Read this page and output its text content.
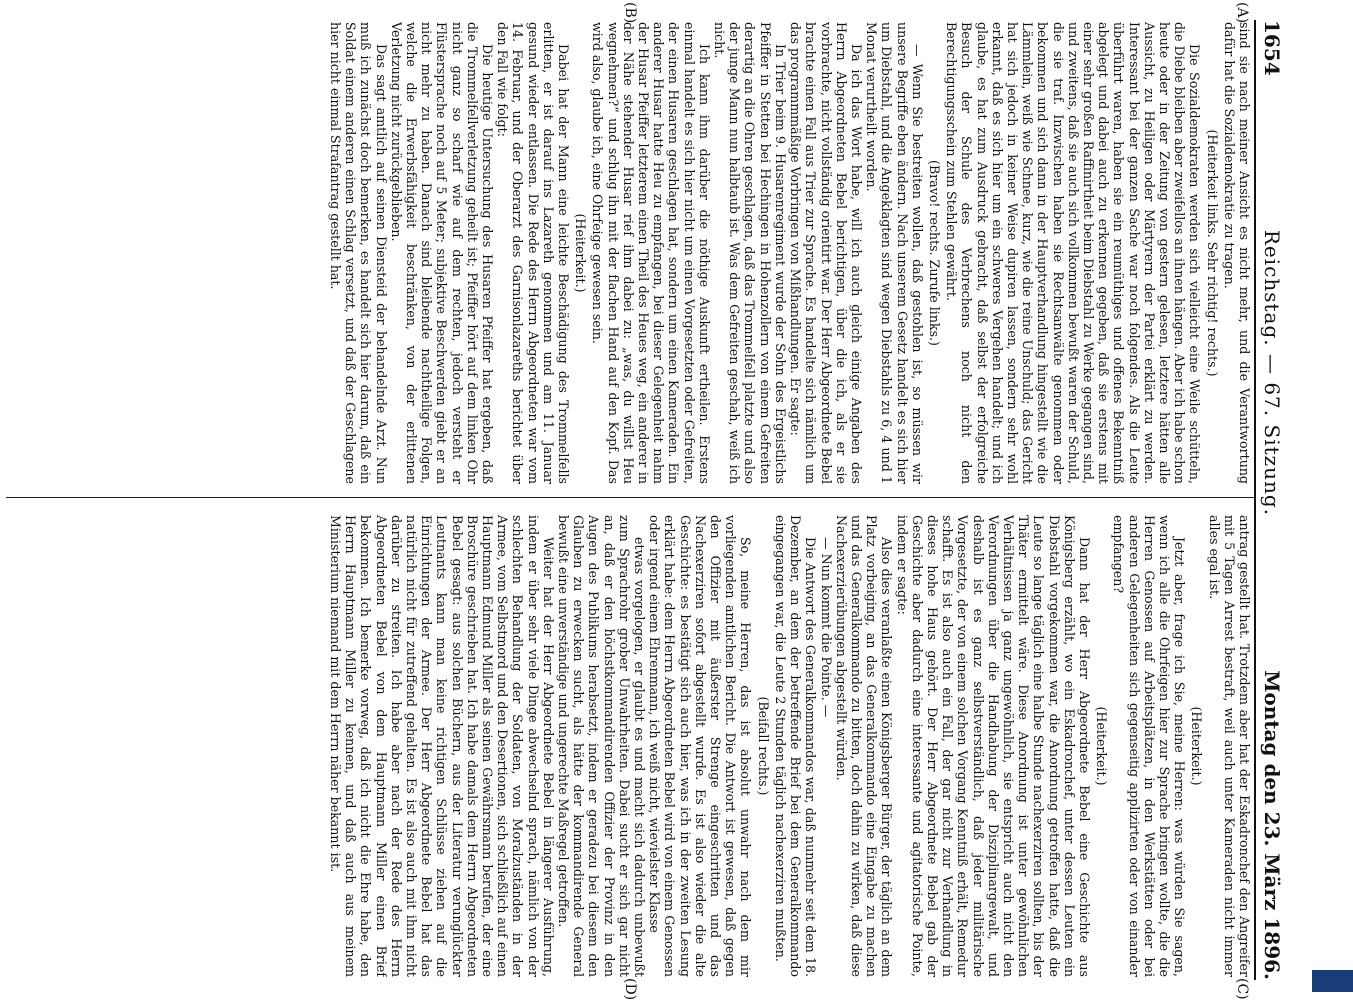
1654
Reichstag. — 67. Sitzung.
Montag den 23. März 1896.
(A)
(B)
(C)
(D)

sind sie nach meiner Ansicht es nicht mehr, und die Verantwortung dafür hat die Sozialdemokratie zu tragen.

(Heiterkeit links. Sehr richtig! rechts.)

Die Sozialdemokraten werden sich vielleicht eine Weile schütteln, die Diebe bleiben aber zweifellos an ihnen hängen. Aber ich habe schon heute oder in der Zeitung von gestern gelesen, letztere hätten alle Aussicht, zu Heiligen oder Märtyrern der Partei erklärt zu werden. Interessant bei der ganzen Sache war noch folgendes. Als die Leute überführt waren, haben sie ein reumüthiges und offenes Bekenntniß abgelegt und dabei auch zu erkennen gegeben, daß sie erstens mit einer sehr großen Raffinirtheit beim Diebstahl zu Werke gegangen sind, und zweitens, daß sie auch sich vollkommen bewußt waren der Schuld, die sie traf. Inzwischen haben sie Rechtsanwälte genommen oder bekommen und sich dann in der Hauptverhandlung hingestellt wie die Lämmlein, weiß wie Schnee, kurz, wie die reine Unschuld; das Gericht hat sich jedoch in keiner Weise dupiren lassen, sondern sehr wohl erkannt, daß es sich hier um ein schweres Vergehen handelt; und ich glaube, es hat zum Ausdruck gebracht, daß selbst der erfolgreiche Besuch der Schule des Verbrechens noch nicht den Berechtigungsschein zum Stehlen gewährt.

(Bravo! rechts. Zurufe links.)

— Wenn Sie bestreiten wollen, daß gestohlen ist, so müssen wir unsere Begriffe eben ändern. Nach unserem Gesetz handelt es sich hier um Diebstahl, und die Angeklagten sind wegen Diebstahls zu 6, 4 und 1 Monat verurtheilt worden.

Da ich das Wort habe, will ich auch gleich einige Angaben des Herrn Abgeordneten Bebel berichtigen, über die ich, als er sie vorbrachte, nicht vollständig orientirt war. Der Herr Abgeordnete Bebel brachte einen Fall aus Trier zur Sprache. Es handelte sich nämlich um das programmmäßige Vorbringen von Mißhandlungen. Er sagte:

In Trier beim 9. Husarenregiment wurde der Sohn des Ergeistlichs Pfeiffer in Stetten bei Hechingen in Hohenzollern von einem Gefreiten derartig an die Ohren geschlagen, daß das Trommelfell platzte und also der junge Mann nun halbtaub ist. Was dem Gefreiten geschah, weiß ich nicht.

Ich kann ihm darüber die nöthige Auskunft ertheilen. Erstens einmal handelt es sich hier nicht um einen Vorgesetzten oder Gefreiten, der einen Husaren geschlagen hat, sondern um einen Kameraden. Ein anderer Husar hatte Heu zu empfangen, bei dieser Gelegenheit nahm der Husar Pfeiffer letzterem einen Theil des Heues weg, ein anderer in der Nähe stehender Husar rief ihm dabei zu: „was, du willst Heu wegnehmen?“ und schlug ihn mit der flachen Hand auf den Kopf. Das wird also, glaube ich, eine Ohrfeige gewesen sein.

(Heiterkeit.)

Dabei hat der Mann eine leichte Beschädigung des Trommelfells erlitten, er ist darauf ins Lazareth genommen und am 11. Januar gesund wieder entlassen. Die Rede des Herrn Abgeordneten war vom 14. Februar, und der Oberarzt des Garnisonlazareths berichtet über den Fall wie folgt:

Die heutige Untersuchung des Husaren Pfeiffer hat ergeben, daß die Trommelfellverletzung geheilt ist; Pfeiffer hört auf dem linken Ohr nicht ganz so scharf wie auf dem rechten, jedoch versteht er Flüstersprache noch auf 5 Meter; subjektive Beschwerden giebt er an nicht mehr zu haben. Danach sind bleibende nachtheilige Folgen, welche die Erwerbsfähigkeit beschränken, von der erlittenen Verletzung nicht zurückgeblieben.

Das sagt amtlich auf seinen Diensteid der behandelnde Arzt. Nun muß ich zunächst doch bemerken, es handelt sich hier darum, daß ein Soldat einem anderen einen Schlag versetzt, und daß der Geschlagene hier nicht einmal Strafantrag gestellt hat.

antrag gestellt hat. Trotzdem aber hat der Eskadronchef den Angreifer mit 5 Tagen Arrest bestraft, weil auch unter Kameraden nicht immer alles egal ist.

(Heiterkeit.)

Jetzt aber, frage ich Sie, meine Herren: was würden Sie sagen, wenn ich alle die Ohrfeigen hier zur Sprache bringen wollte, die die Herren Genossen auf Arbeitsplätzen, in den Werkstätten oder bei anderen Gelegenheiten sich gegenseitig applizirten oder von einander empfangen?

(Heiterkeit.)

Dann hat der Herr Abgeordnete Bebel eine Geschichte aus Königsberg erzählt, wo ein Eskadronchef, unter dessen Leuten ein Diebstahl vorgekommen war, die Anordnung getroffen hatte, daß die Leute so lange täglich eine halbe Stunde nachexerziren sollten, bis der Thäter ermittelt wäre. Diese Anordnung ist unter gewöhnlichen Verhältnissen ja ganz ungewöhnlich, sie entspricht auch nicht den Verordnungen über die Handhabung der Disziplinargewalt, und deshalb ist es ganz selbstverständlich, daß jeder militärische Vorgesetzte, der von einem solchen Vorgang Kenntniß erhält, Remedur schafft. Es ist also auch ein Fall, der gar nicht zur Verhandlung in dieses hohe Haus gehört. Der Herr Abgeordnete Bebel gab der Geschichte aber dadurch eine interessante und agitatorische Pointe, indem er sagte:

Also dies veranlaßte einen Königsberger Bürger, der täglich an dem Platz vorbeiging, an das Generalkommando eine Eingabe zu machen und das Generalkommando zu bitten, doch dahin zu wirken, daß diese Nachexerzierübungen abgestellt würden.

— Nun kommt die Pointe. —

Die Antwort des Generalkommandos war, daß nunmehr seit dem 18. Dezember, an dem der betreffende Brief bei dem Generalkommando eingegangen war, die Leute 2 Stunden täglich nachexerziren mußten.

(Beifall rechts.)

So, meine Herren, das ist absolut unwahr nach dem mir vorliegenden amtlichen Bericht. Die Antwort ist gewesen, daß gegen den Offizier mit äußerster Strenge eingeschritten und das Nachexerziren sofort abgestellt wurde. Es ist also wieder die alte Geschichte: es bestätigt sich auch hier, was ich in der zweiten Lesung erklärt habe: dem Herrn Abgeordneten Bebel wird von einem Genossen oder irgend einem Ehrenmann, ich weiß nicht, wievielster Klasse

etwas vorgelogen, er glaubt es und macht sich dadurch unbewußt zum Sprachrohr grober Unwahrheiten. Dabei sucht er sich gar nicht an, daß er den höchstkommandirenden Offizier der Provinz in den Augen des Publikums herabsetzt, indem er geradezu bei diesem den Glauben zu erwecken sucht, als hätte der kommandirende General bewußt eine unverständige und ungerechte Maßregel getroffen.

Weiter hat der Herr Abgeordnete Bebel in längerer Ausführung, indem er über sehr viele Dinge abwechselnd sprach, nämlich von der schlechten Behandlung der Soldaten, von Moralzuständen in der Armee, vom Selbstmord und den Desertionen, sich schließlich auf einen Hauptmann Edmund Miller als seinen Gewährsmann berufen, der eine Broschüre geschrieben hat. Ich habe damals dem Herrn Abgeordneten Bebel gesagt: aus solchen Büchern, aus der Literatur verunglückter Leutnants kann man keine richtigen Schlüsse ziehen auf die Einrichtungen der Armee. Der Herr Abgeordnete Bebel hat das natürlich nicht für zutreffend gehalten. Es ist also auch mit ihm nicht darüber zu streiten. Ich habe aber nach der Rede des Herrn Abgeordneten Bebel von dem Hauptmann Miller einen Brief bekommen. Ich bemerke vorweg, daß ich nicht die Ehre habe, den Herrn Hauptmann Miller zu kennen, und daß auch aus meinem Ministerium niemand mit dem Herrn näher bekannt ist.
